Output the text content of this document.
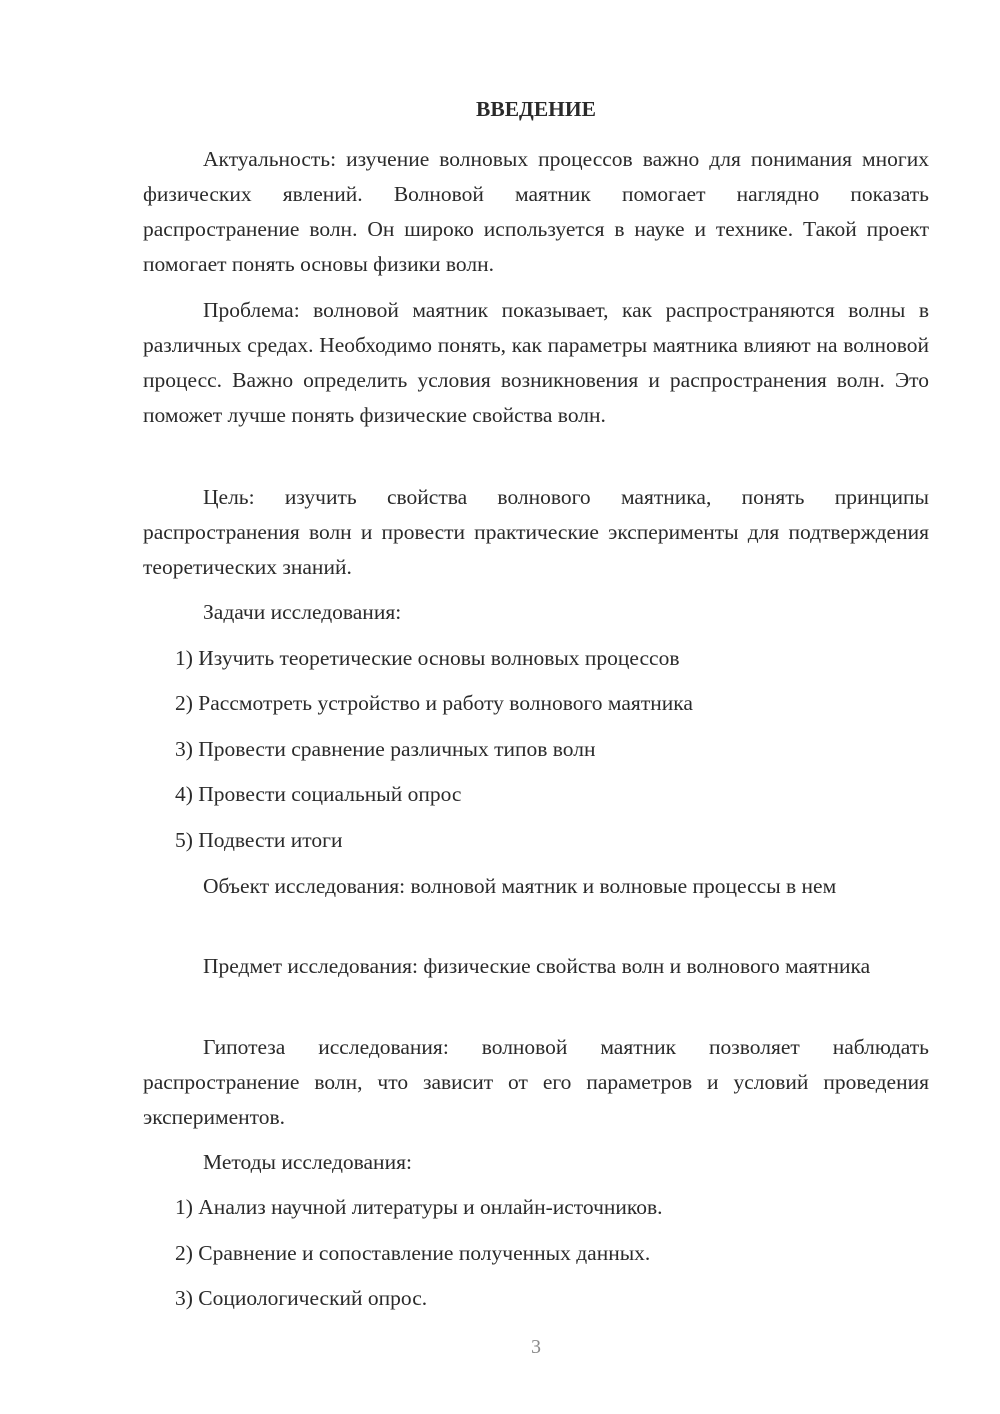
ВВЕДЕНИЕ

Актуальность: изучение волновых процессов важно для понимания многих физических явлений. Волновой маятник помогает наглядно показать распространение волн. Он широко используется в науке и технике. Такой проект помогает понять основы физики волн.

Проблема: волновой маятник показывает, как распространяются волны в различных средах. Необходимо понять, как параметры маятника влияют на волновой процесс. Важно определить условия возникновения и распространения волн. Это поможет лучше понять физические свойства волн.

Цель: изучить свойства волнового маятника, понять принципы распространения волн и провести практические эксперименты для подтверждения теоретических знаний.

Задачи исследования:
1) Изучить теоретические основы волновых процессов
2) Рассмотреть устройство и работу волнового маятника
3) Провести сравнение различных типов волн
4) Провести социальный опрос
5) Подвести итоги

Объект исследования: волновой маятник и волновые процессы в нем

Предмет исследования: физические свойства волн и волнового маятника

Гипотеза исследования: волновой маятник позволяет наблюдать распространение волн, что зависит от его параметров и условий проведения экспериментов.

Методы исследования:
1) Анализ научной литературы и онлайн-источников.
2) Сравнение и сопоставление полученных данных.
3) Социологический опрос.
3
